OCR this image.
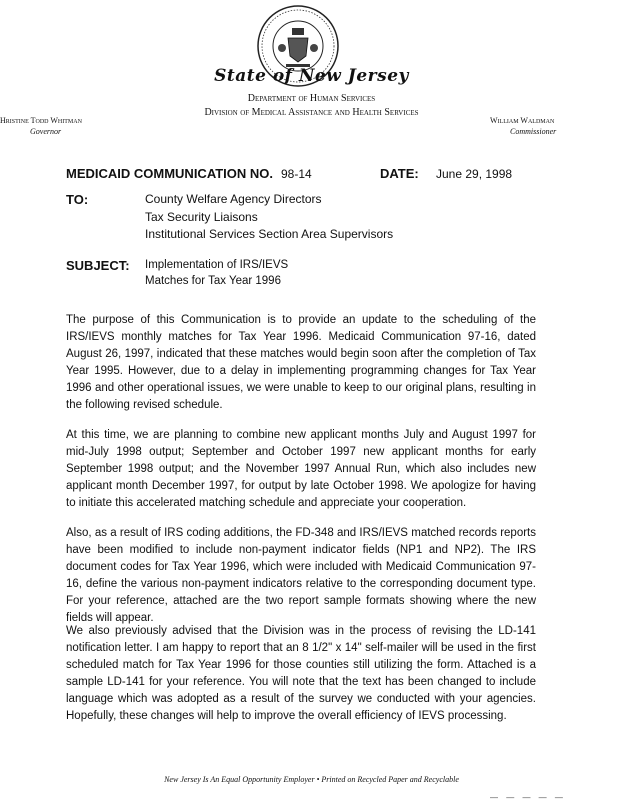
State of New Jersey
Department of Human Services
Division of Medical Assistance and Health Services
Hristine Todd Whitman
Governor
William Waldman
Commissioner
MEDICAID COMMUNICATION NO. 98-14	DATE: June 29, 1998
TO:	County Welfare Agency Directors
Tax Security Liaisons
Institutional Services Section Area Supervisors
SUBJECT: Implementation of IRS/IEVS
Matches for Tax Year 1996

The purpose of this Communication is to provide an update to the scheduling of the IRS/IEVS monthly matches for Tax Year 1996. Medicaid Communication 97-16, dated August 26, 1997, indicated that these matches would begin soon after the completion of Tax Year 1995. However, due to a delay in implementing programming changes for Tax Year 1996 and other operational issues, we were unable to keep to our original plans, resulting in the following revised schedule.

At this time, we are planning to combine new applicant months July and August 1997 for mid-July 1998 output; September and October 1997 new applicant months for early September 1998 output; and the November 1997 Annual Run, which also includes new applicant month December 1997, for output by late October 1998. We apologize for having to initiate this accelerated matching schedule and appreciate your cooperation.

Also, as a result of IRS coding additions, the FD-348 and IRS/IEVS matched records reports have been modified to include non-payment indicator fields (NP1 and NP2). The IRS document codes for Tax Year 1996, which were included with Medicaid Communication 97-16, define the various non-payment indicators relative to the corresponding document type. For your reference, attached are the two report sample formats showing where the new fields will appear.

We also previously advised that the Division was in the process of revising the LD-141 notification letter. I am happy to report that an 8 1/2" x 14" self-mailer will be used in the first scheduled match for Tax Year 1996 for those counties still utilizing the form. Attached is a sample LD-141 for your reference. You will note that the text has been changed to include language which was adopted as a result of the survey we conducted with your agencies. Hopefully, these changes will help to improve the overall efficiency of IEVS processing.

New Jersey Is An Equal Opportunity Employer • Printed on Recycled Paper and Recyclable
— — — — —
